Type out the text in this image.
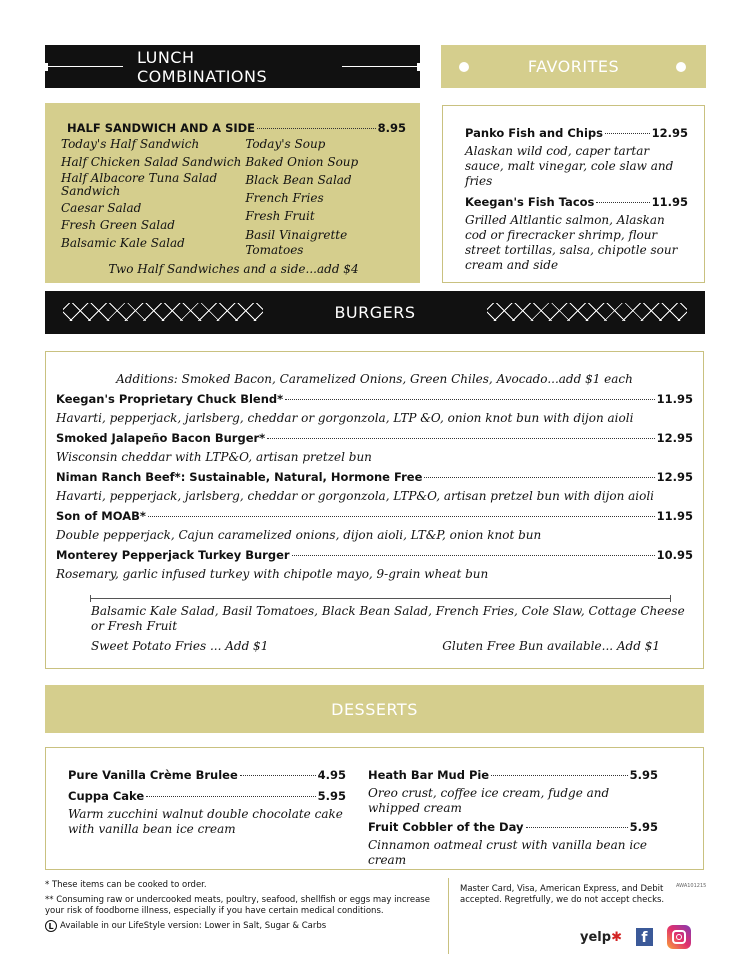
LUNCH COMBINATIONS	FAVORITES
HALF SANDWICH AND A SIDE	8.95
Today's Half Sandwich
Half Chicken Salad Sandwich
Half Albacore Tuna Salad Sandwich
Caesar Salad
Fresh Green Salad
Balsamic Kale Salad
Today's Soup
Baked Onion Soup
Black Bean Salad
French Fries
Fresh Fruit
Basil Vinaigrette Tomatoes
Two Half Sandwiches and a side...add $4
Panko Fish and Chips	12.95
Alaskan wild cod, caper tartar sauce, malt vinegar, cole slaw and fries
Keegan's Fish Tacos	11.95
Grilled Altlantic salmon, Alaskan cod or firecracker shrimp, flour street tortillas, salsa, chipotle sour cream and side
BURGERS
Additions: Smoked Bacon, Caramelized Onions, Green Chiles, Avocado...add $1 each
Keegan's Proprietary Chuck Blend*	11.95
Havarti, pepperjack, jarlsberg, cheddar or gorgonzola, LTP &O, onion knot bun with dijon aioli
Smoked Jalapeño Bacon Burger*	12.95
Wisconsin cheddar with LTP&O, artisan pretzel bun
Niman Ranch Beef*: Sustainable, Natural, Hormone Free	12.95
Havarti, pepperjack, jarlsberg, cheddar or gorgonzola, LTP&O, artisan pretzel bun with dijon aioli
Son of MOAB*	11.95
Double pepperjack, Cajun caramelized onions, dijon aioli, LT&P, onion knot bun
Monterey Pepperjack Turkey Burger	10.95
Rosemary, garlic infused turkey with chipotle mayo, 9-grain wheat bun
Balsamic Kale Salad, Basil Tomatoes, Black Bean Salad, French Fries, Cole Slaw, Cottage Cheese or Fresh Fruit
Sweet Potato Fries ... Add $1	Gluten Free Bun available... Add $1
DESSERTS
Pure Vanilla Crème Brulee	4.95
Cuppa Cake	5.95
Warm zucchini walnut double chocolate cake with vanilla bean ice cream
Heath Bar Mud Pie	5.95
Oreo crust, coffee ice cream, fudge and whipped cream
Fruit Cobbler of the Day	5.95
Cinnamon oatmeal crust with vanilla bean ice cream
* These items can be cooked to order.
** Consuming raw or undercooked meats, poultry, seafood, shellfish or eggs may increase your risk of foodborne illness, especially if you have certain medical conditions.
L Available in our LifeStyle version: Lower in Salt, Sugar & Carbs
Master Card, Visa, American Express, and Debit accepted. Regretfully, we do not accept checks.
AWA101215
yelp✱	f
